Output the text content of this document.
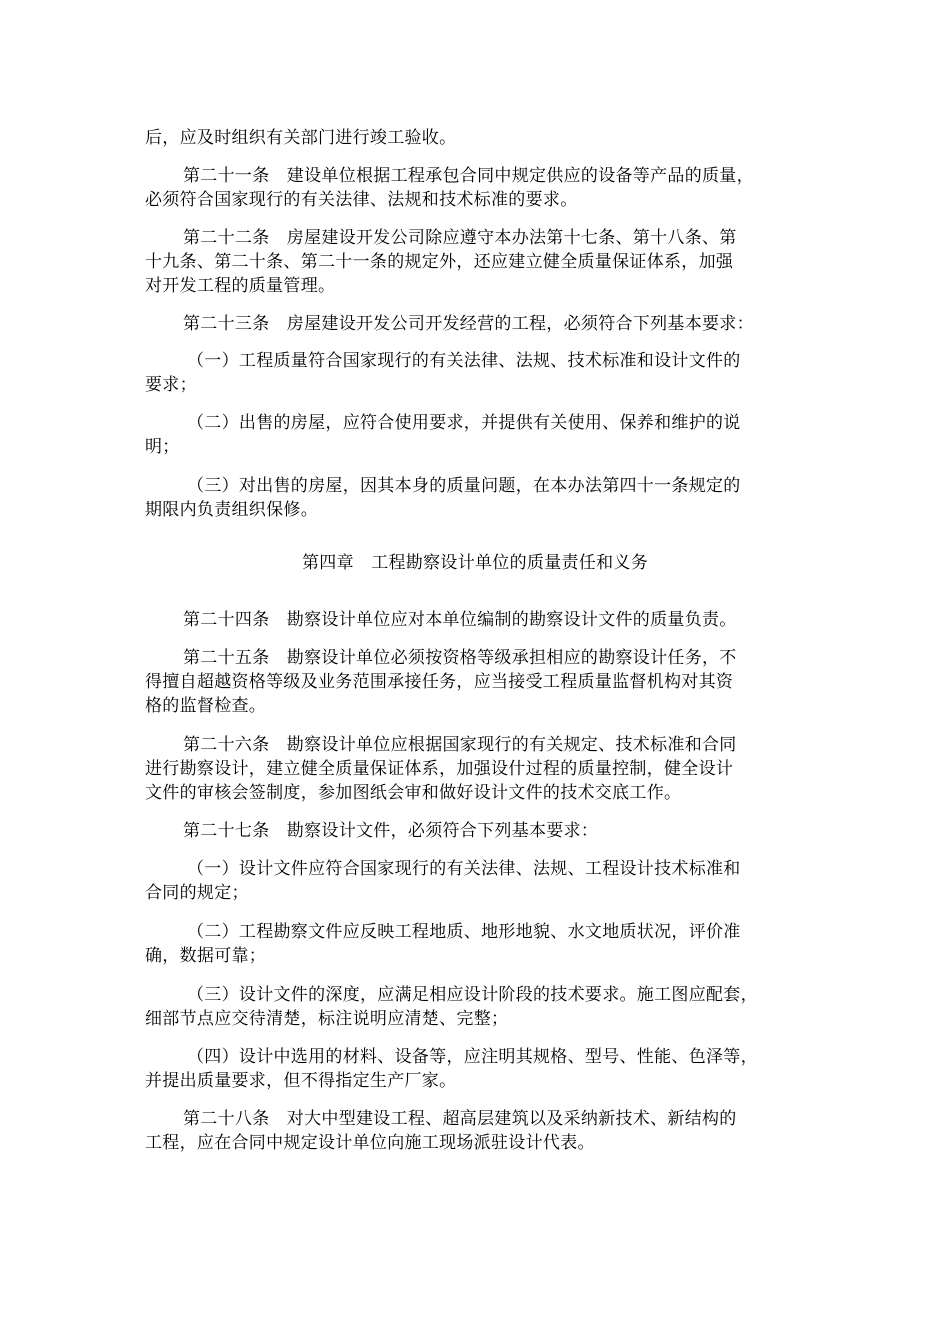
后，应及时组织有关部门进行竣工验收。

第二十一条　建设单位根据工程承包合同中规定供应的设备等产品的质量，
必须符合国家现行的有关法律、法规和技术标准的要求。

第二十二条　房屋建设开发公司除应遵守本办法第十七条、第十八条、第
十九条、第二十条、第二十一条的规定外，还应建立健全质量保证体系，加强
对开发工程的质量管理。

第二十三条　房屋建设开发公司开发经营的工程，必须符合下列基本要求：

（一）工程质量符合国家现行的有关法律、法规、技术标准和设计文件的
要求；

（二）出售的房屋，应符合使用要求，并提供有关使用、保养和维护的说
明；

（三）对出售的房屋，因其本身的质量问题，在本办法第四十一条规定的
期限内负责组织保修。

第四章　工程勘察设计单位的质量责任和义务

第二十四条　勘察设计单位应对本单位编制的勘察设计文件的质量负责。

第二十五条　勘察设计单位必须按资格等级承担相应的勘察设计任务，不
得擅自超越资格等级及业务范围承接任务，应当接受工程质量监督机构对其资
格的监督检查。

第二十六条　勘察设计单位应根据国家现行的有关规定、技术标准和合同
进行勘察设计，建立健全质量保证体系，加强设什过程的质量控制，健全设计
文件的审核会签制度，参加图纸会审和做好设计文件的技术交底工作。

第二十七条　勘察设计文件，必须符合下列基本要求：

（一）设计文件应符合国家现行的有关法律、法规、工程设计技术标准和
合同的规定；

（二）工程勘察文件应反映工程地质、地形地貌、水文地质状况，评价准
确，数据可靠；

（三）设计文件的深度，应满足相应设计阶段的技术要求。施工图应配套，
细部节点应交待清楚，标注说明应清楚、完整；

（四）设计中选用的材料、设备等，应注明其规格、型号、性能、色泽等，
并提出质量要求，但不得指定生产厂家。

第二十八条　对大中型建设工程、超高层建筑以及采纳新技术、新结构的
工程，应在合同中规定设计单位向施工现场派驻设计代表。
